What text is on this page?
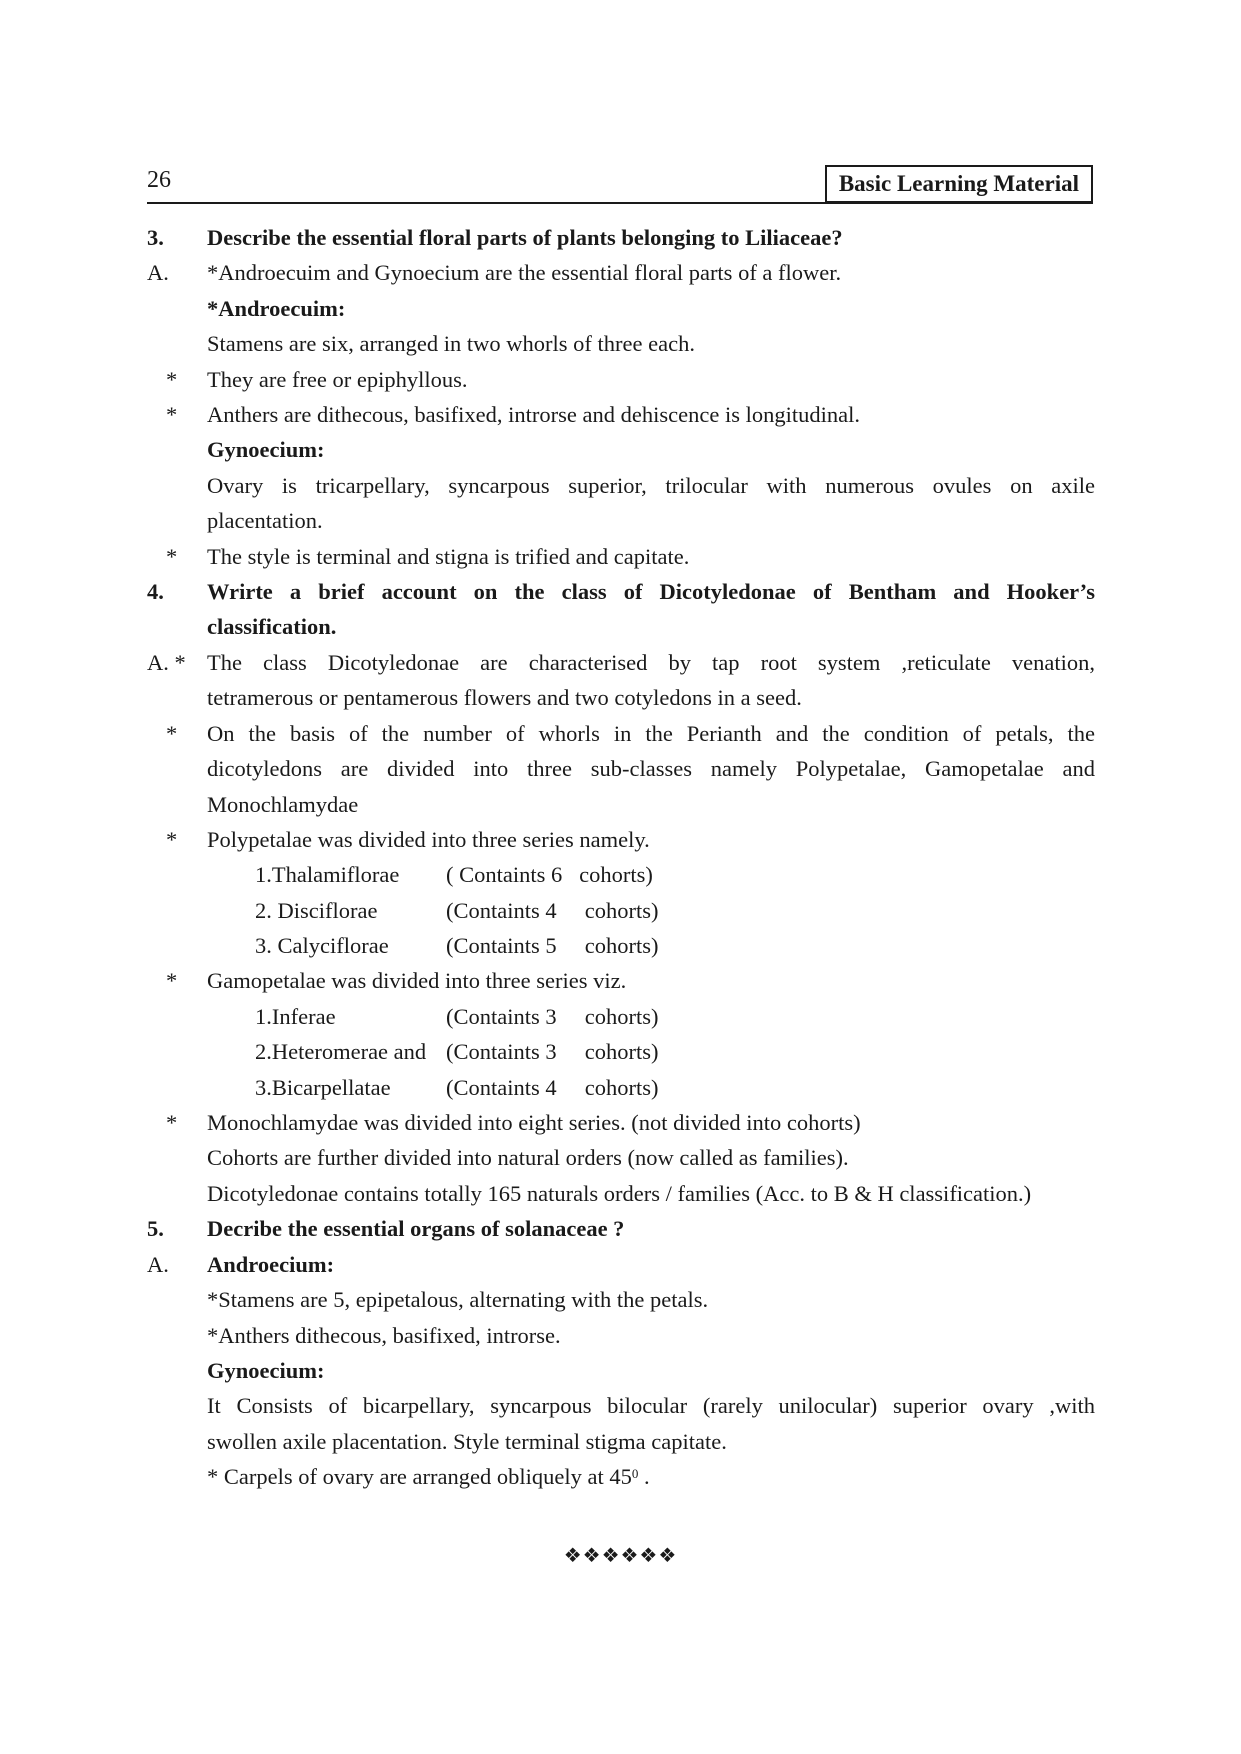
26	Basic Learning Material
3. Describe the essential floral parts of plants belonging to Liliaceae?
A. *Androecuim and Gynoecium are the essential floral parts of a flower.
*Androecuim:
Stamens are six, arranged in two whorls of three each.
* They are free or epiphyllous.
* Anthers are dithecous, basifixed, introrse and dehiscence is longitudinal.
Gynoecium:
Ovary is tricarpellary, syncarpous superior, trilocular with numerous ovules on axile
placentation.
* The style is terminal and stigna is trified and capitate.
4. Wrirte a brief account on the class of Dicotyledonae of Bentham and Hooker’s
classification.
A. * The class Dicotyledonae are characterised by tap root system ,reticulate venation,
tetramerous or pentamerous flowers and two cotyledons in a seed.
* On the basis of the number of whorls in the Perianth and the condition of petals, the
dicotyledons are divided into three sub-classes namely Polypetalae, Gamopetalae and
Monochlamydae
* Polypetalae was divided into three series namely.
1.Thalamiflorae ( Containts 6   cohorts)
2. Disciflorae	(Containts 4     cohorts)
3. Calyciflorae	(Containts 5     cohorts)
* Gamopetalae was divided into three series viz.
1.Inferae	(Containts 3     cohorts)
2.Heteromerae and (Containts 3     cohorts)
3.Bicarpellatae (Containts 4     cohorts)
* Monochlamydae was divided into eight series. (not divided into cohorts)
Cohorts are further divided into natural orders (now called as families).
Dicotyledonae contains totally 165 naturals orders / families (Acc. to B & H classification.)
5. Decribe the essential organs of solanaceae ?
A. Androecium:
*Stamens are 5, epipetalous, alternating with the petals.
*Anthers dithecous, basifixed, introrse.
Gynoecium:
It Consists of bicarpellary, syncarpous bilocular (rarely unilocular) superior ovary ,with
swollen axile placentation. Style terminal stigma capitate.
* Carpels of ovary are arranged obliquely at $45^0$ .
❖❖❖❖❖❖
